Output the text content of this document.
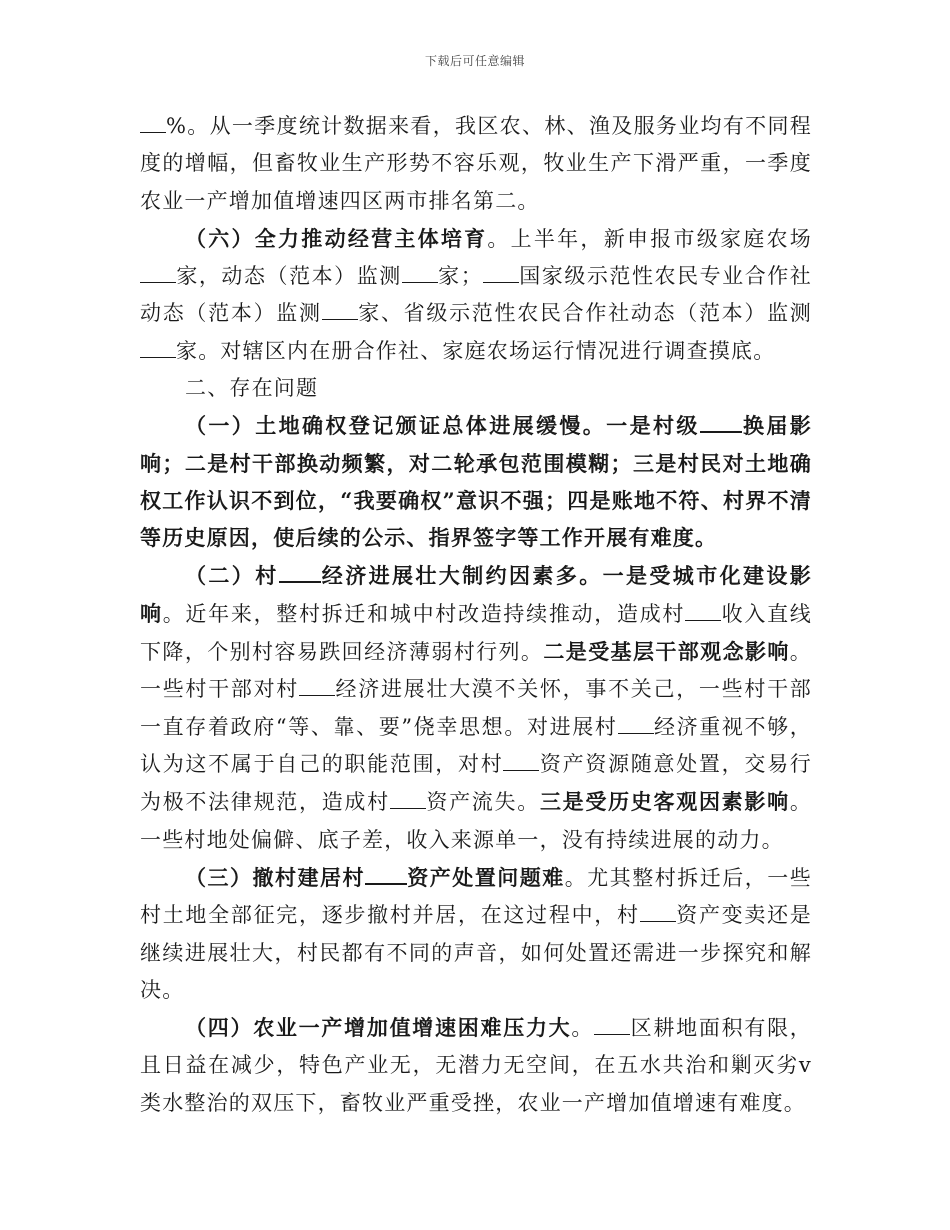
下载后可任意编辑

%。从一季度统计数据来看，我区农、林、渔及服务业均有不同程度的增幅，但畜牧业生产形势不容乐观，牧业生产下滑严重，一季度农业一产增加值增速四区两市排名第二。

（六）全力推动经营主体培育。上半年，新申报市级家庭农场家，动态（范本）监测 家； 国家级示范性农民专业合作社动态（范本）监测 家、省级示范性农民合作社动态（范本）监测家。对辖区内在册合作社、家庭农场运行情况进行调查摸底。

二、存在问题

（一）土地确权登记颁证总体进展缓慢。一是村级 换届影响；二是村干部换动频繁，对二轮承包范围模糊；三是村民对土地确权工作认识不到位，“我要确权”意识不强；四是账地不符、村界不清等历史原因，使后续的公示、指界签字等工作开展有难度。

（二）村 经济进展壮大制约因素多。一是受城市化建设影响。近年来，整村拆迁和城中村改造持续推动，造成村 收入直线下降，个别村容易跌回经济薄弱村行列。二是受基层干部观念影响。一些村干部对村 经济进展壮大漠不关怀，事不关己，一些村干部一直存着政府“等、靠、要”侥幸思想。对进展村 经济重视不够，认为这不属于自己的职能范围，对村 资产资源随意处置，交易行为极不法律规范，造成村 资产流失。三是受历史客观因素影响。一些村地处偏僻、底子差，收入来源单一，没有持续进展的动力。

（三）撤村建居村 资产处置问题难。尤其整村拆迁后，一些村土地全部征完，逐步撤村并居，在这过程中，村 资产变卖还是继续进展壮大，村民都有不同的声音，如何处置还需进一步探究和解决。

（四）农业一产增加值增速困难压力大。 区耕地面积有限，且日益在减少，特色产业无，无潜力无空间，在五水共治和剿灭劣ⅴ类水整治的双压下，畜牧业严重受挫，农业一产增加值增速有难度。
